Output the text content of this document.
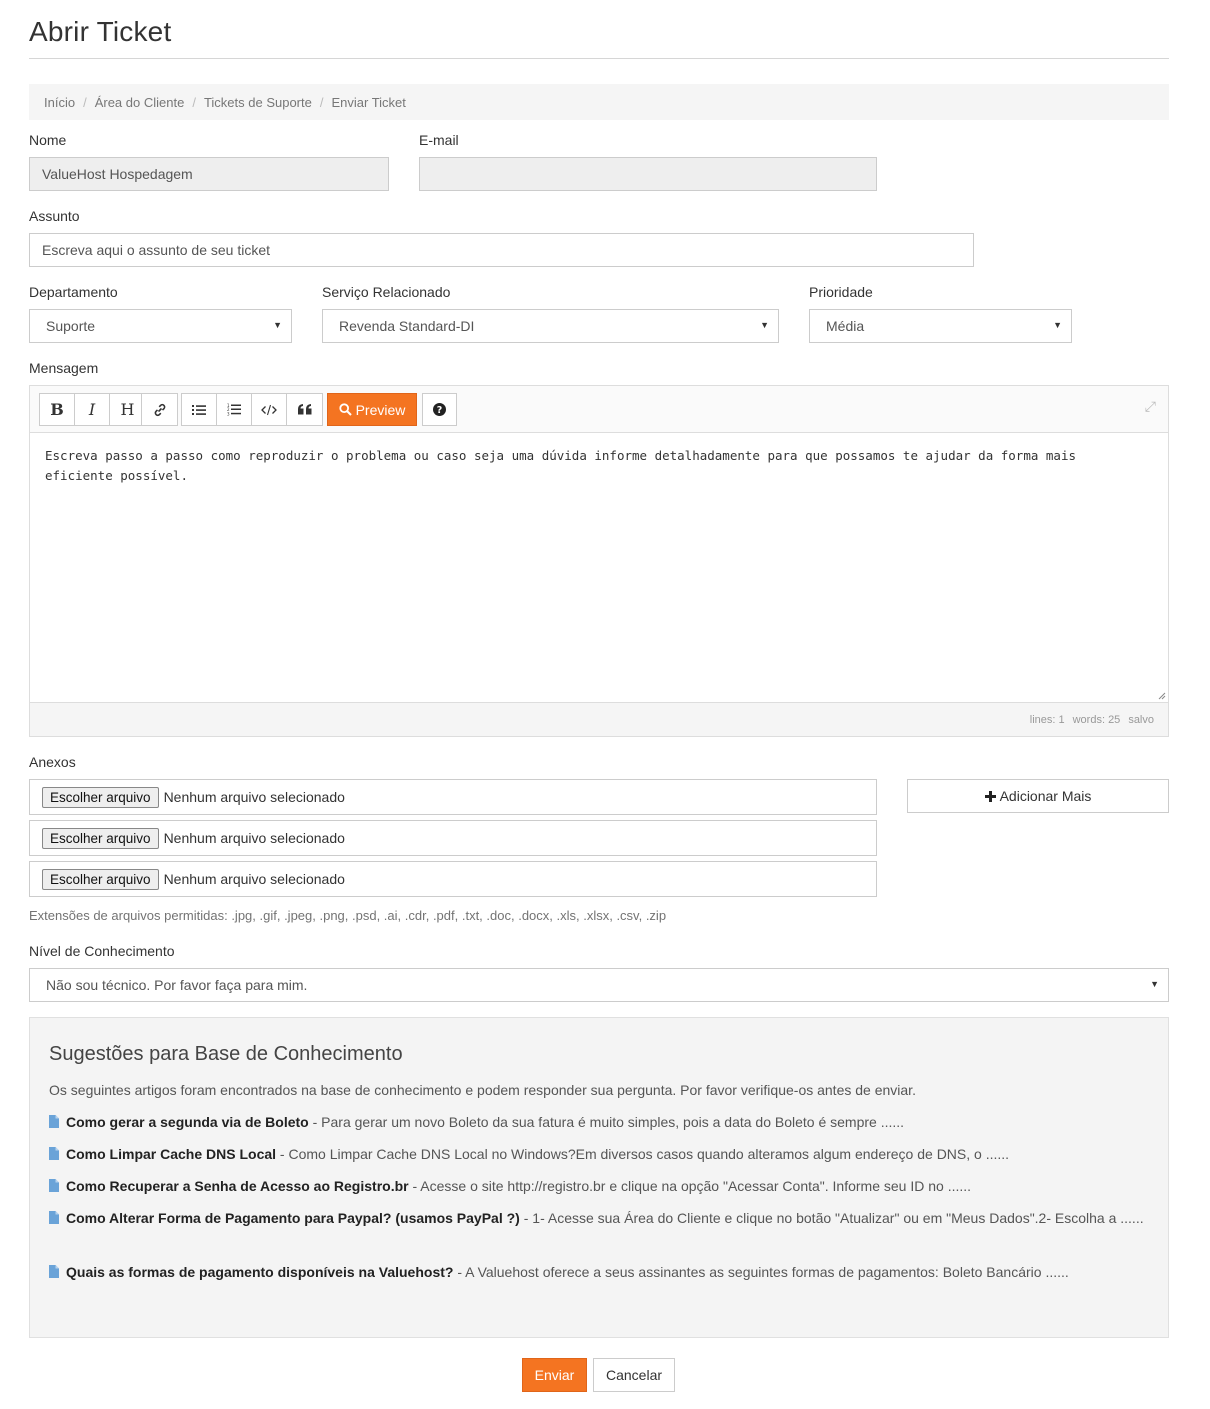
Abrir Ticket
Início / Área do Cliente / Tickets de Suporte / Enviar Ticket
Nome
ValueHost Hospedagem
E-mail
Assunto
Escreva aqui o assunto de seu ticket
Departamento
Suporte	▼
Serviço Relacionado
Revenda Standard-DI	▼
Prioridade
Média	▼
Mensagem
B	I	H	1
2
3	Preview	?	⤢
Escreva passo a passo como reproduzir o problema ou caso seja uma dúvida informe detalhadamente para que possamos te ajudar da forma mais eficiente possível.
lines: 1 words: 25 salvo
Anexos
Escolher arquivo Nenhum arquivo selecionado
Escolher arquivo Nenhum arquivo selecionado
Escolher arquivo Nenhum arquivo selecionado
Adicionar Mais
Extensões de arquivos permitidas: .jpg, .gif, .jpeg, .png, .psd, .ai, .cdr, .pdf, .txt, .doc, .docx, .xls, .xlsx, .csv, .zip
Nível de Conhecimento
Não sou técnico. Por favor faça para mim.	▼
Sugestões para Base de Conhecimento
Os seguintes artigos foram encontrados na base de conhecimento e podem responder sua pergunta. Por favor verifique-os antes de enviar.
Como gerar a segunda via de Boleto - Para gerar um novo Boleto da sua fatura é muito simples, pois a data do Boleto é sempre ......
Como Limpar Cache DNS Local - Como Limpar Cache DNS Local no Windows?Em diversos casos quando alteramos algum endereço de DNS, o ......
Como Recuperar a Senha de Acesso ao Registro.br - Acesse o site http://registro.br e clique na opção "Acessar Conta". Informe seu ID no ......
Como Alterar Forma de Pagamento para Paypal? (usamos PayPal ?) - 1- Acesse sua Área do Cliente e clique no botão "Atualizar" ou em "Meus Dados".2- Escolha a ......
Quais as formas de pagamento disponíveis na Valuehost? - A Valuehost oferece a seus assinantes as seguintes formas de pagamentos: Boleto Bancário ......
Enviar	Cancelar
